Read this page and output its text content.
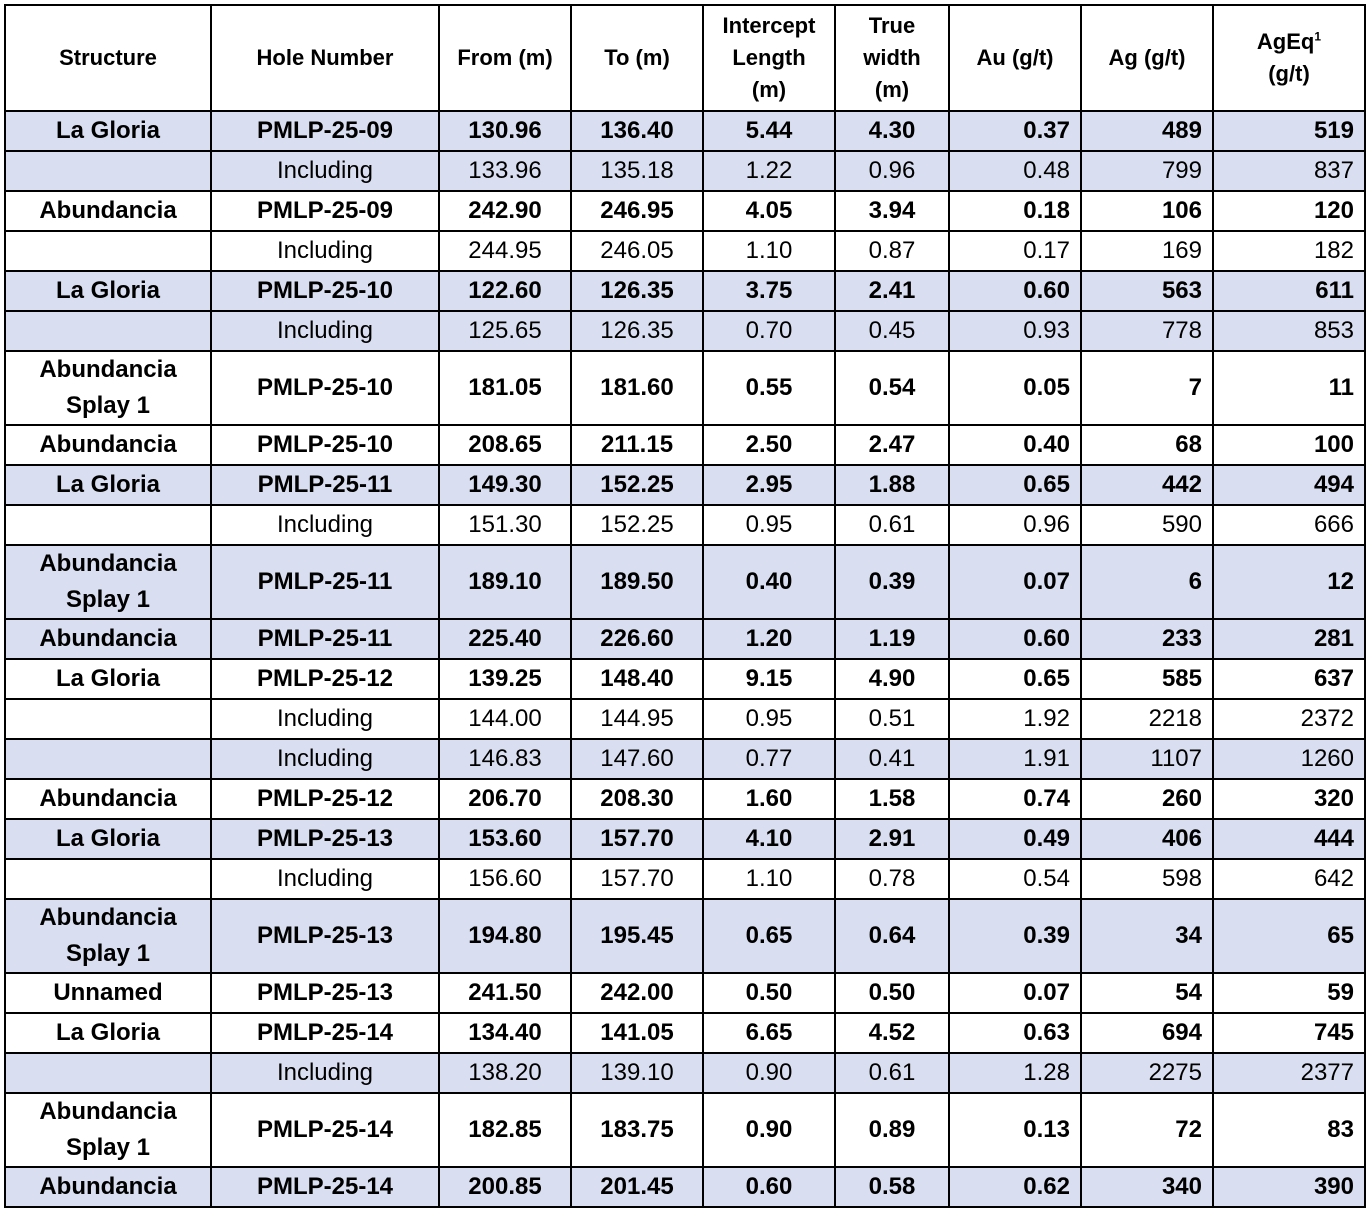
Structure	Hole Number	From (m)	To (m)	Intercept Length (m)	True width (m)	Au (g/t)	Ag (g/t)	AgEq$^1$
(g/t)
La Gloria	PMLP-25-09	130.96	136.40	5.44	4.30	0.37	489	519
	Including	133.96	135.18	1.22	0.96	0.48	799	837
Abundancia	PMLP-25-09	242.90	246.95	4.05	3.94	0.18	106	120
	Including	244.95	246.05	1.10	0.87	0.17	169	182
La Gloria	PMLP-25-10	122.60	126.35	3.75	2.41	0.60	563	611
	Including	125.65	126.35	0.70	0.45	0.93	778	853
Abundancia Splay 1	PMLP-25-10	181.05	181.60	0.55	0.54	0.05	7	11
Abundancia	PMLP-25-10	208.65	211.15	2.50	2.47	0.40	68	100
La Gloria	PMLP-25-11	149.30	152.25	2.95	1.88	0.65	442	494
	Including	151.30	152.25	0.95	0.61	0.96	590	666
Abundancia Splay 1	PMLP-25-11	189.10	189.50	0.40	0.39	0.07	6	12
Abundancia	PMLP-25-11	225.40	226.60	1.20	1.19	0.60	233	281
La Gloria	PMLP-25-12	139.25	148.40	9.15	4.90	0.65	585	637
	Including	144.00	144.95	0.95	0.51	1.92	2218	2372
	Including	146.83	147.60	0.77	0.41	1.91	1107	1260
Abundancia	PMLP-25-12	206.70	208.30	1.60	1.58	0.74	260	320
La Gloria	PMLP-25-13	153.60	157.70	4.10	2.91	0.49	406	444
	Including	156.60	157.70	1.10	0.78	0.54	598	642
Abundancia Splay 1	PMLP-25-13	194.80	195.45	0.65	0.64	0.39	34	65
Unnamed	PMLP-25-13	241.50	242.00	0.50	0.50	0.07	54	59
La Gloria	PMLP-25-14	134.40	141.05	6.65	4.52	0.63	694	745
	Including	138.20	139.10	0.90	0.61	1.28	2275	2377
Abundancia Splay 1	PMLP-25-14	182.85	183.75	0.90	0.89	0.13	72	83
Abundancia	PMLP-25-14	200.85	201.45	0.60	0.58	0.62	340	390
